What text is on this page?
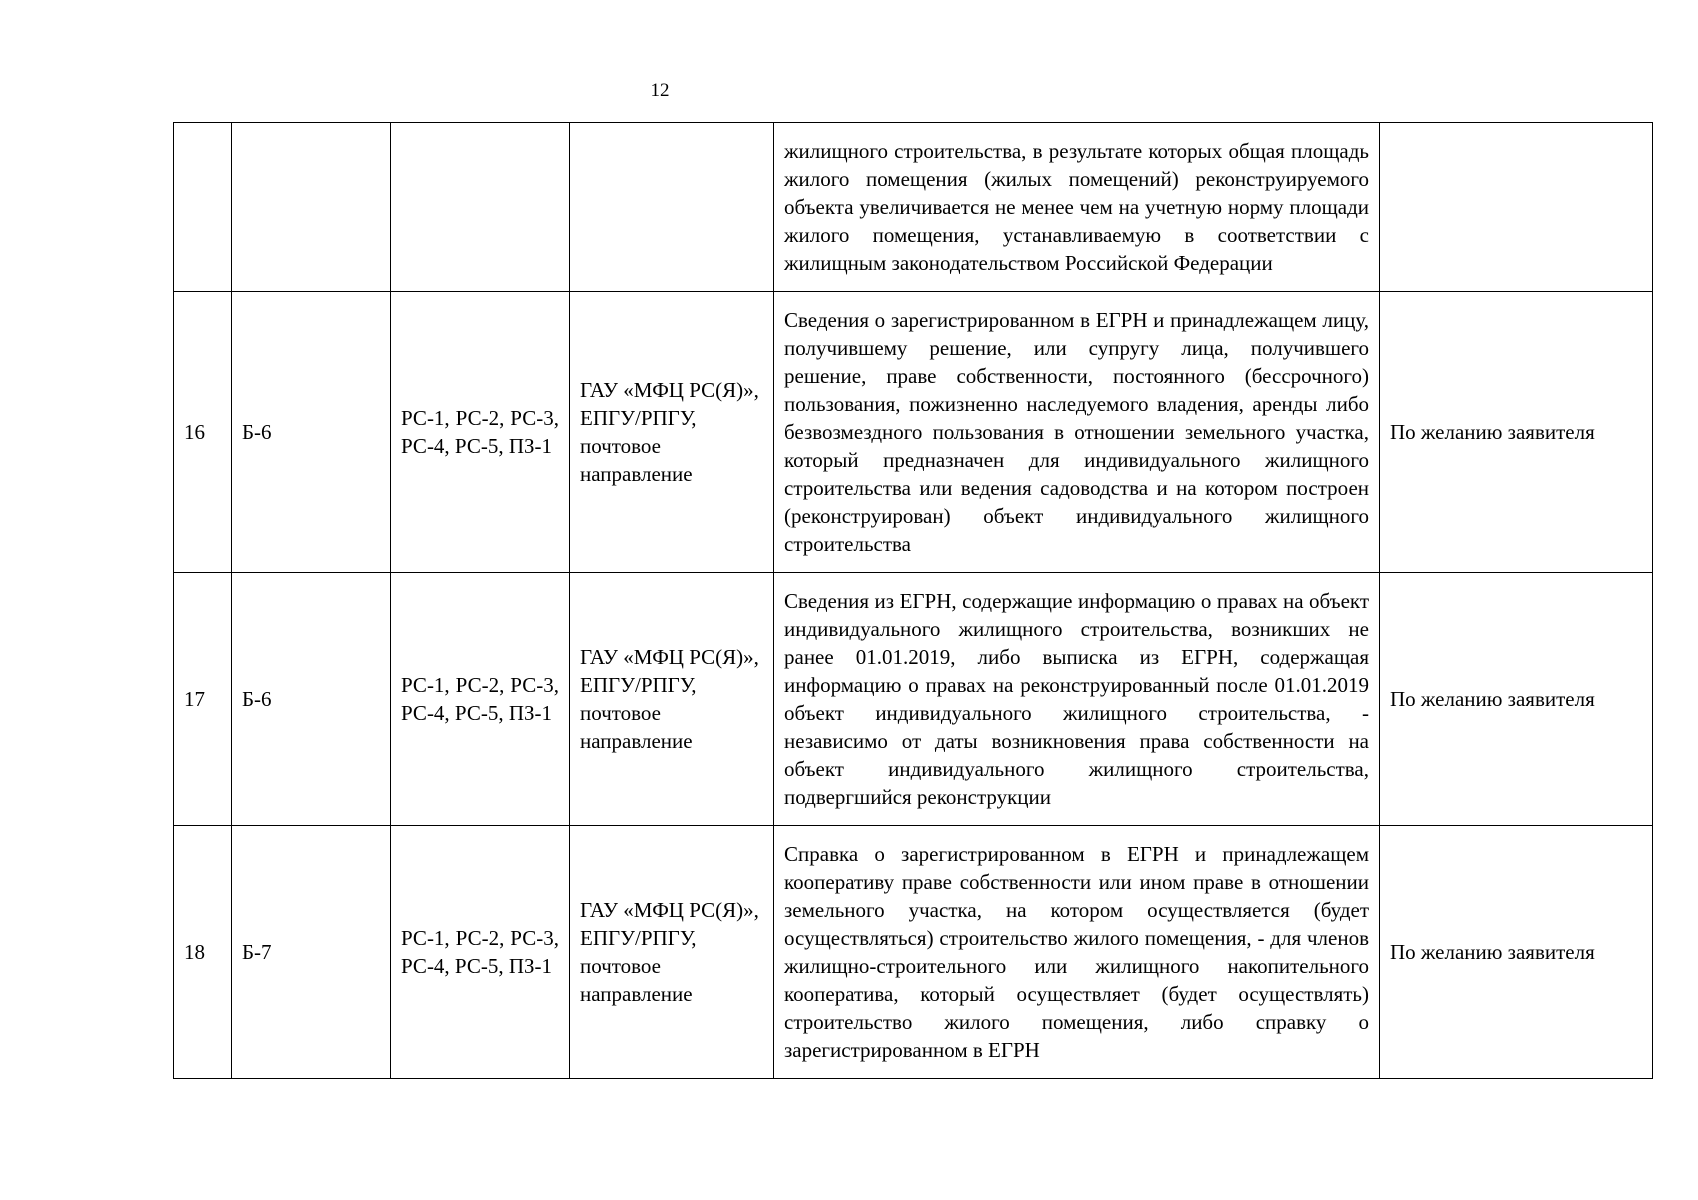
12
				жилищного строительства, в результате которых общая площадь жилого помещения (жилых помещений) реконструируемого объекта увеличивается не менее чем на учетную норму площади жилого помещения, устанавливаемую в соответствии с жилищным законодательством Российской Федерации	
16	Б-6	РС-1, РС-2, РС-3, РС-4, РС-5, ПЗ-1	ГАУ «МФЦ РС(Я)», ЕПГУ/РПГУ, почтовое направление	Сведения о зарегистрированном в ЕГРН и принадлежащем лицу, получившему решение, или супругу лица, получившего решение, праве собственности, постоянного (бессрочного) пользования, пожизненно наследуемого владения, аренды либо безвозмездного пользования в отношении земельного участка, который предназначен для индивидуального жилищного строительства или ведения садоводства и на котором построен (реконструирован) объект индивидуального жилищного строительства	По желанию заявителя
17	Б-6	РС-1, РС-2, РС-3, РС-4, РС-5, ПЗ-1	ГАУ «МФЦ РС(Я)», ЕПГУ/РПГУ, почтовое направление	Сведения из ЕГРН, содержащие информацию о правах на объект индивидуального жилищного строительства, возникших не ранее 01.01.2019, либо выписка из ЕГРН, содержащая информацию о правах на реконструированный после 01.01.2019 объект индивидуального жилищного строительства, - независимо от даты возникновения права собственности на объект индивидуального жилищного строительства, подвергшийся реконструкции	По желанию заявителя
18	Б-7	РС-1, РС-2, РС-3, РС-4, РС-5, ПЗ-1	ГАУ «МФЦ РС(Я)», ЕПГУ/РПГУ, почтовое направление	Справка о зарегистрированном в ЕГРН и принадлежащем кооперативу праве собственности или ином праве в отношении земельного участка, на котором осуществляется (будет осуществляться) строительство жилого помещения, - для членов жилищно-строительного или жилищного накопительного кооператива, который осуществляет (будет осуществлять) строительство жилого помещения, либо справку о зарегистрированном в ЕГРН	По желанию заявителя
